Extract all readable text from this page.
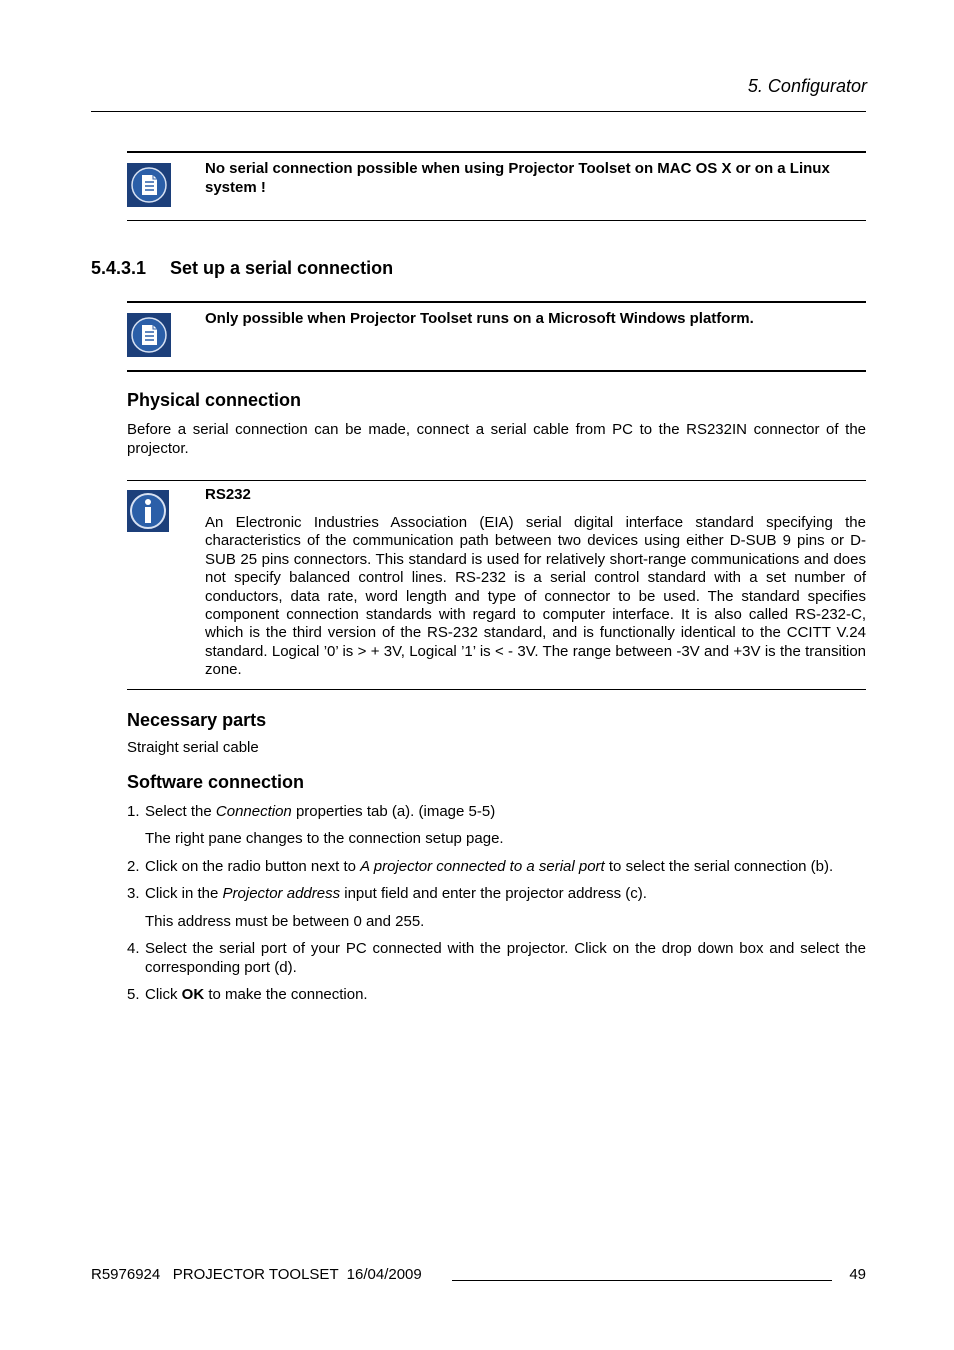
5. Configurator
No serial connection possible when using Projector Toolset on MAC OS X or on a Linux system !
5.4.3.1 Set up a serial connection
Only possible when Projector Toolset runs on a Microsoft Windows platform.
Physical connection
Before a serial connection can be made, connect a serial cable from PC to the RS232IN connector of the projector.
RS232
An Electronic Industries Association (EIA) serial digital interface standard specifying the characteristics of the communication path between two devices using either D-SUB 9 pins or D-SUB 25 pins connectors. This standard is used for relatively short-range communications and does not specify balanced control lines. RS-232 is a serial control standard with a set number of conductors, data rate, word length and type of connector to be used. The standard specifies component connection standards with regard to computer interface. It is also called RS-232-C, which is the third version of the RS-232 standard, and is functionally identical to the CCITT V.24 standard. Logical ’0’ is > + 3V, Logical ’1’ is < - 3V. The range between -3V and +3V is the transition zone.
Necessary parts
Straight serial cable
Software connection
1. Select the Connection properties tab (a). (image 5-5)
The right pane changes to the connection setup page.
2. Click on the radio button next to A projector connected to a serial port to select the serial connection (b).
3. Click in the Projector address input field and enter the projector address (c).
This address must be between 0 and 255.
4. Select the serial port of your PC connected with the projector. Click on the drop down box and select the corresponding port (d).
5. Click OK to make the connection.
R5976924   PROJECTOR TOOLSET  16/04/2009	49
